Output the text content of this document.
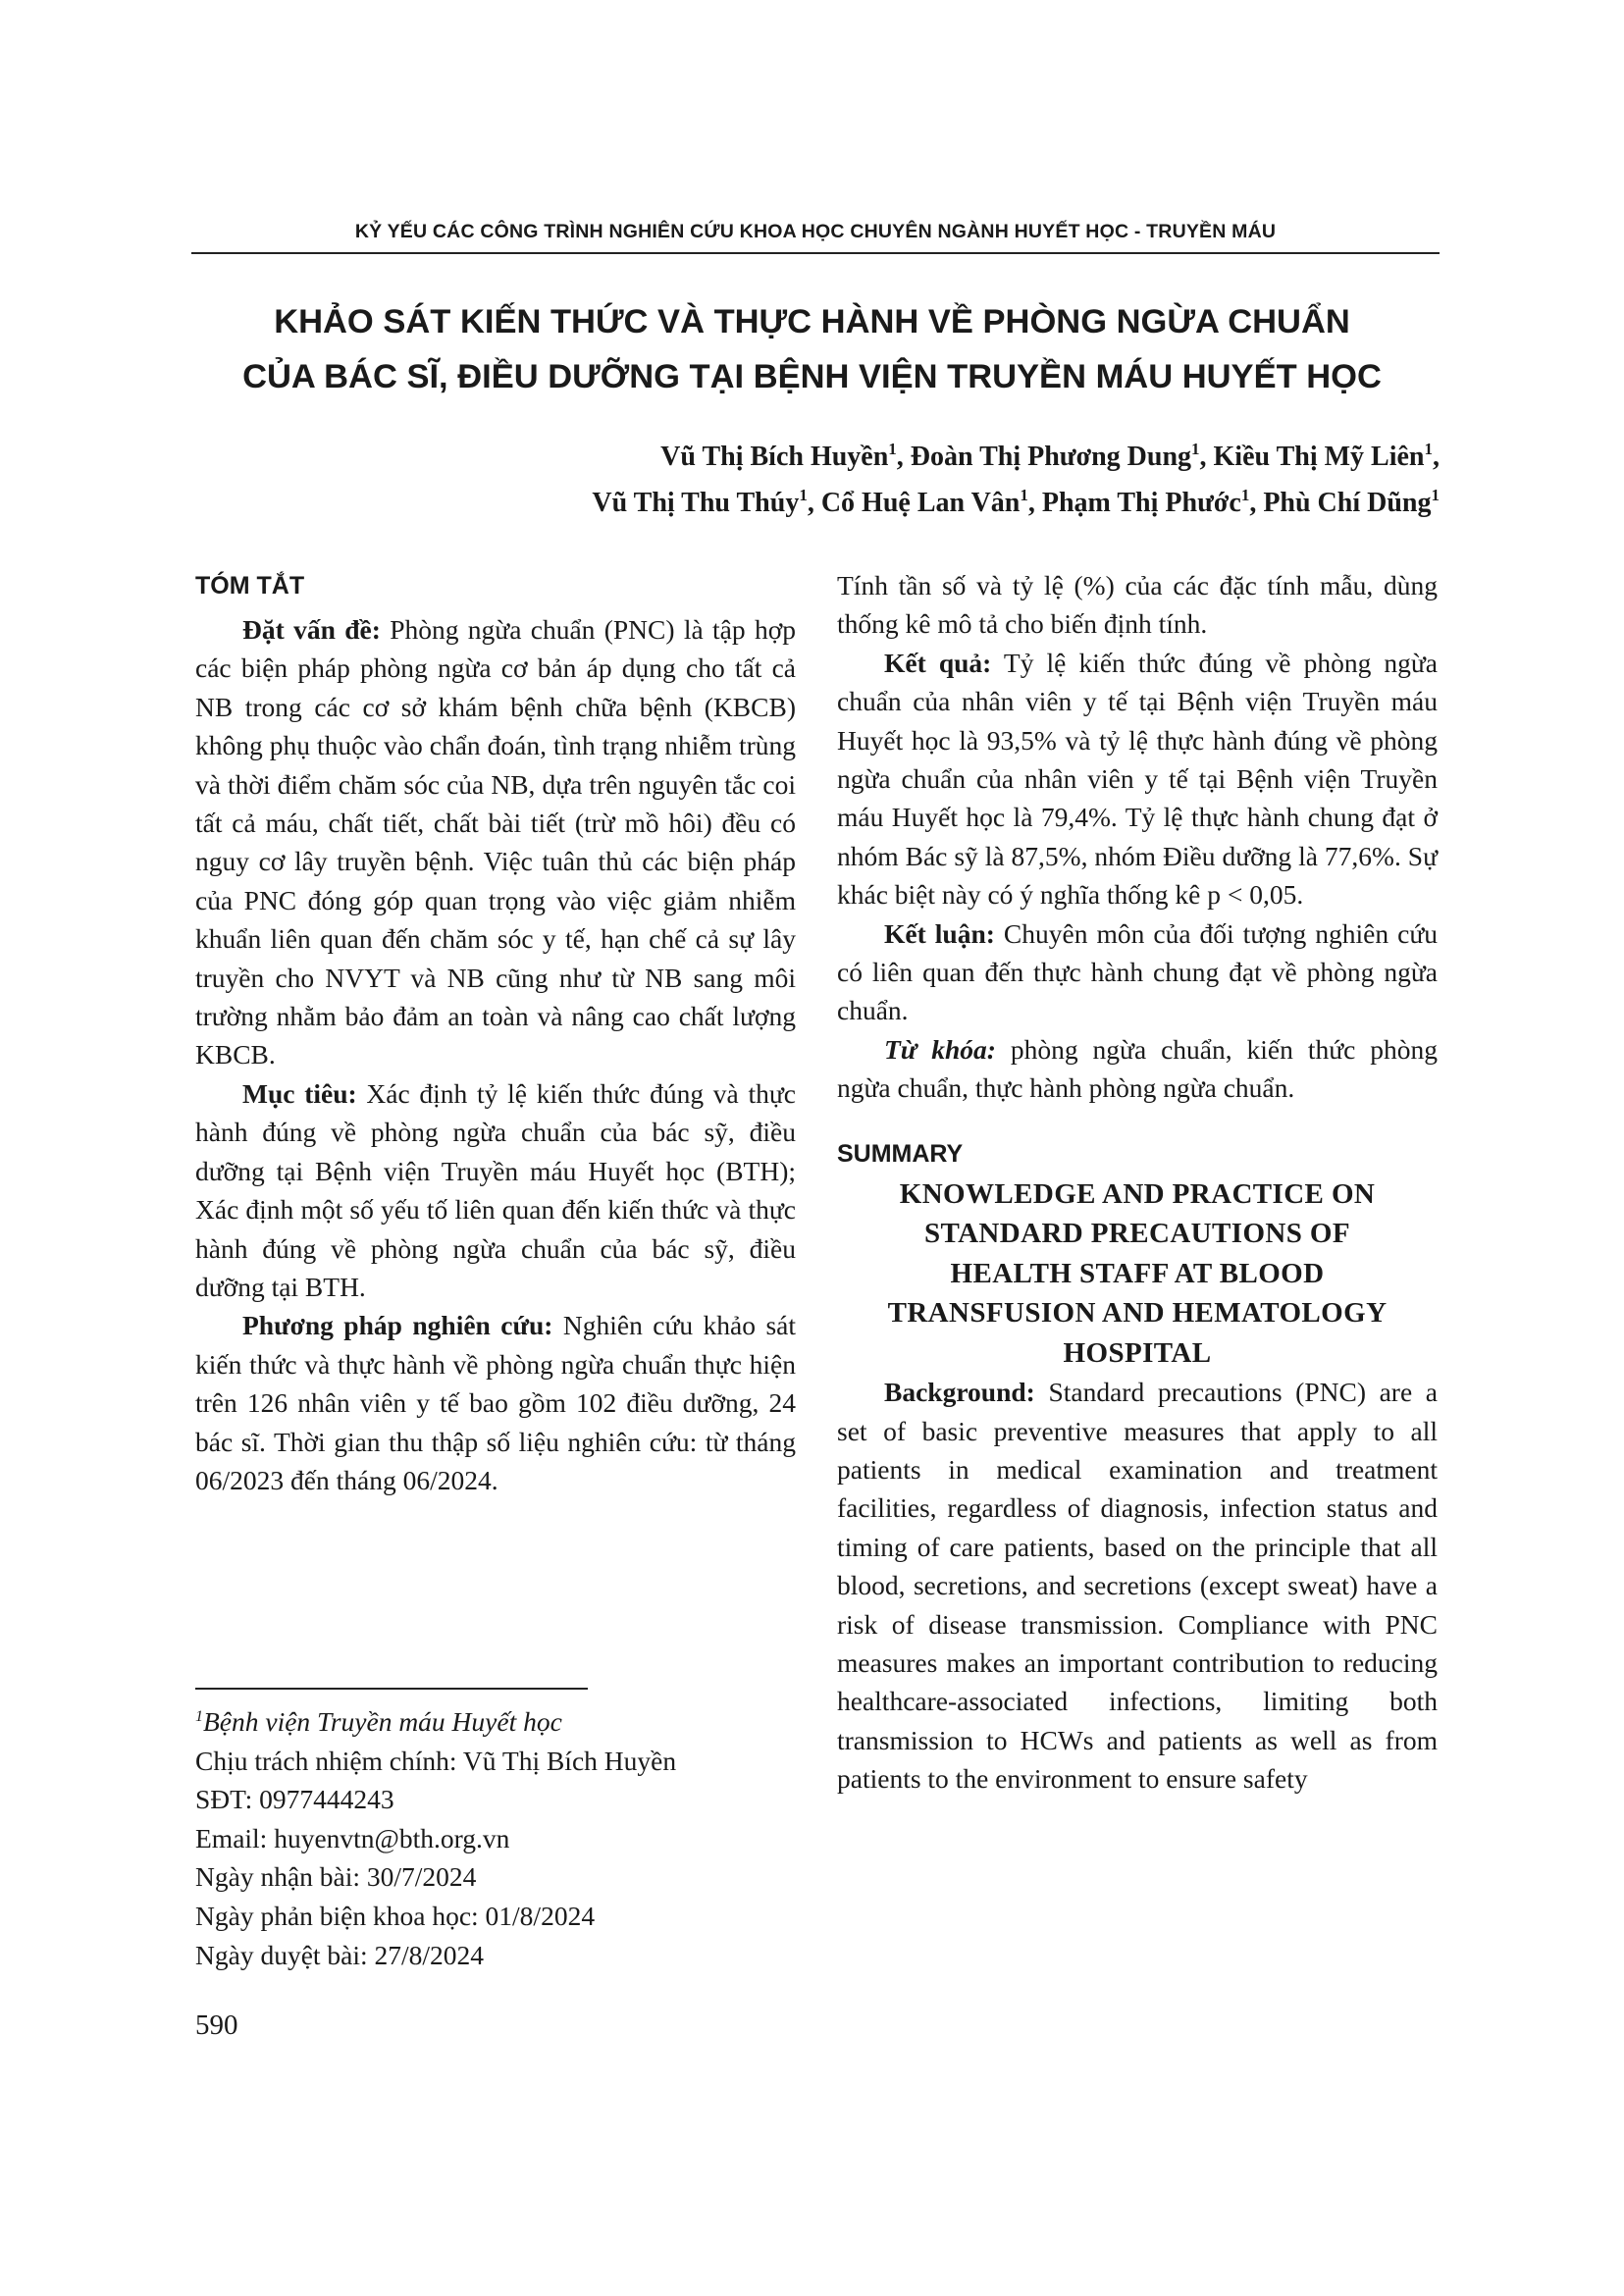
KỶ YẾU CÁC CÔNG TRÌNH NGHIÊN CỨU KHOA HỌC CHUYÊN NGÀNH HUYẾT HỌC - TRUYỀN MÁU
KHẢO SÁT KIẾN THỨC VÀ THỰC HÀNH VỀ PHÒNG NGỪA CHUẨN
CỦA BÁC SĨ, ĐIỀU DƯỠNG TẠI BỆNH VIỆN TRUYỀN MÁU HUYẾT HỌC
Vũ Thị Bích Huyền$^1$, Đoàn Thị Phương Dung$^1$, Kiều Thị Mỹ Liên$^1$,
Vũ Thị Thu Thúy$^1$, Cổ Huệ Lan Vân$^1$, Phạm Thị Phước$^1$, Phù Chí Dũng$^1$
TÓM TẮT

Đặt vấn đề: Phòng ngừa chuẩn (PNC) là tập hợp các biện pháp phòng ngừa cơ bản áp dụng cho tất cả NB trong các cơ sở khám bệnh chữa bệnh (KBCB) không phụ thuộc vào chẩn đoán, tình trạng nhiễm trùng và thời điểm chăm sóc của NB, dựa trên nguyên tắc coi tất cả máu, chất tiết, chất bài tiết (trừ mồ hôi) đều có nguy cơ lây truyền bệnh. Việc tuân thủ các biện pháp của PNC đóng góp quan trọng vào việc giảm nhiễm khuẩn liên quan đến chăm sóc y tế, hạn chế cả sự lây truyền cho NVYT và NB cũng như từ NB sang môi trường nhằm bảo đảm an toàn và nâng cao chất lượng KBCB.

Mục tiêu: Xác định tỷ lệ kiến thức đúng và thực hành đúng về phòng ngừa chuẩn của bác sỹ, điều dưỡng tại Bệnh viện Truyền máu Huyết học (BTH); Xác định một số yếu tố liên quan đến kiến thức và thực hành đúng về phòng ngừa chuẩn của bác sỹ, điều dưỡng tại BTH.

Phương pháp nghiên cứu: Nghiên cứu khảo sát kiến thức và thực hành về phòng ngừa chuẩn thực hiện trên 126 nhân viên y tế bao gồm 102 điều dưỡng, 24 bác sĩ. Thời gian thu thập số liệu nghiên cứu: từ tháng 06/2023 đến tháng 06/2024.

Tính tần số và tỷ lệ (%) của các đặc tính mẫu, dùng thống kê mô tả cho biến định tính.

Kết quả: Tỷ lệ kiến thức đúng về phòng ngừa chuẩn của nhân viên y tế tại Bệnh viện Truyền máu Huyết học là 93,5% và tỷ lệ thực hành đúng về phòng ngừa chuẩn của nhân viên y tế tại Bệnh viện Truyền máu Huyết học là 79,4%. Tỷ lệ thực hành chung đạt ở nhóm Bác sỹ là 87,5%, nhóm Điều dưỡng là 77,6%. Sự khác biệt này có ý nghĩa thống kê p < 0,05.

Kết luận: Chuyên môn của đối tượng nghiên cứu có liên quan đến thực hành chung đạt về phòng ngừa chuẩn.

Từ khóa: phòng ngừa chuẩn, kiến thức phòng ngừa chuẩn, thực hành phòng ngừa chuẩn.

SUMMARY
KNOWLEDGE AND PRACTICE ON
STANDARD PRECAUTIONS OF
HEALTH STAFF AT BLOOD
TRANSFUSION AND HEMATOLOGY
HOSPITAL

Background: Standard precautions (PNC) are a set of basic preventive measures that apply to all patients in medical examination and treatment facilities, regardless of diagnosis, infection status and timing of care patients, based on the principle that all blood, secretions, and secretions (except sweat) have a risk of disease transmission. Compliance with PNC measures makes an important contribution to reducing healthcare-associated infections, limiting both transmission to HCWs and patients as well as from patients to the environment to ensure safety

$^1$Bệnh viện Truyền máu Huyết học
Chịu trách nhiệm chính: Vũ Thị Bích Huyền
SĐT: 0977444243
Email: huyenvtn@bth.org.vn
Ngày nhận bài: 30/7/2024
Ngày phản biện khoa học: 01/8/2024
Ngày duyệt bài: 27/8/2024
590
